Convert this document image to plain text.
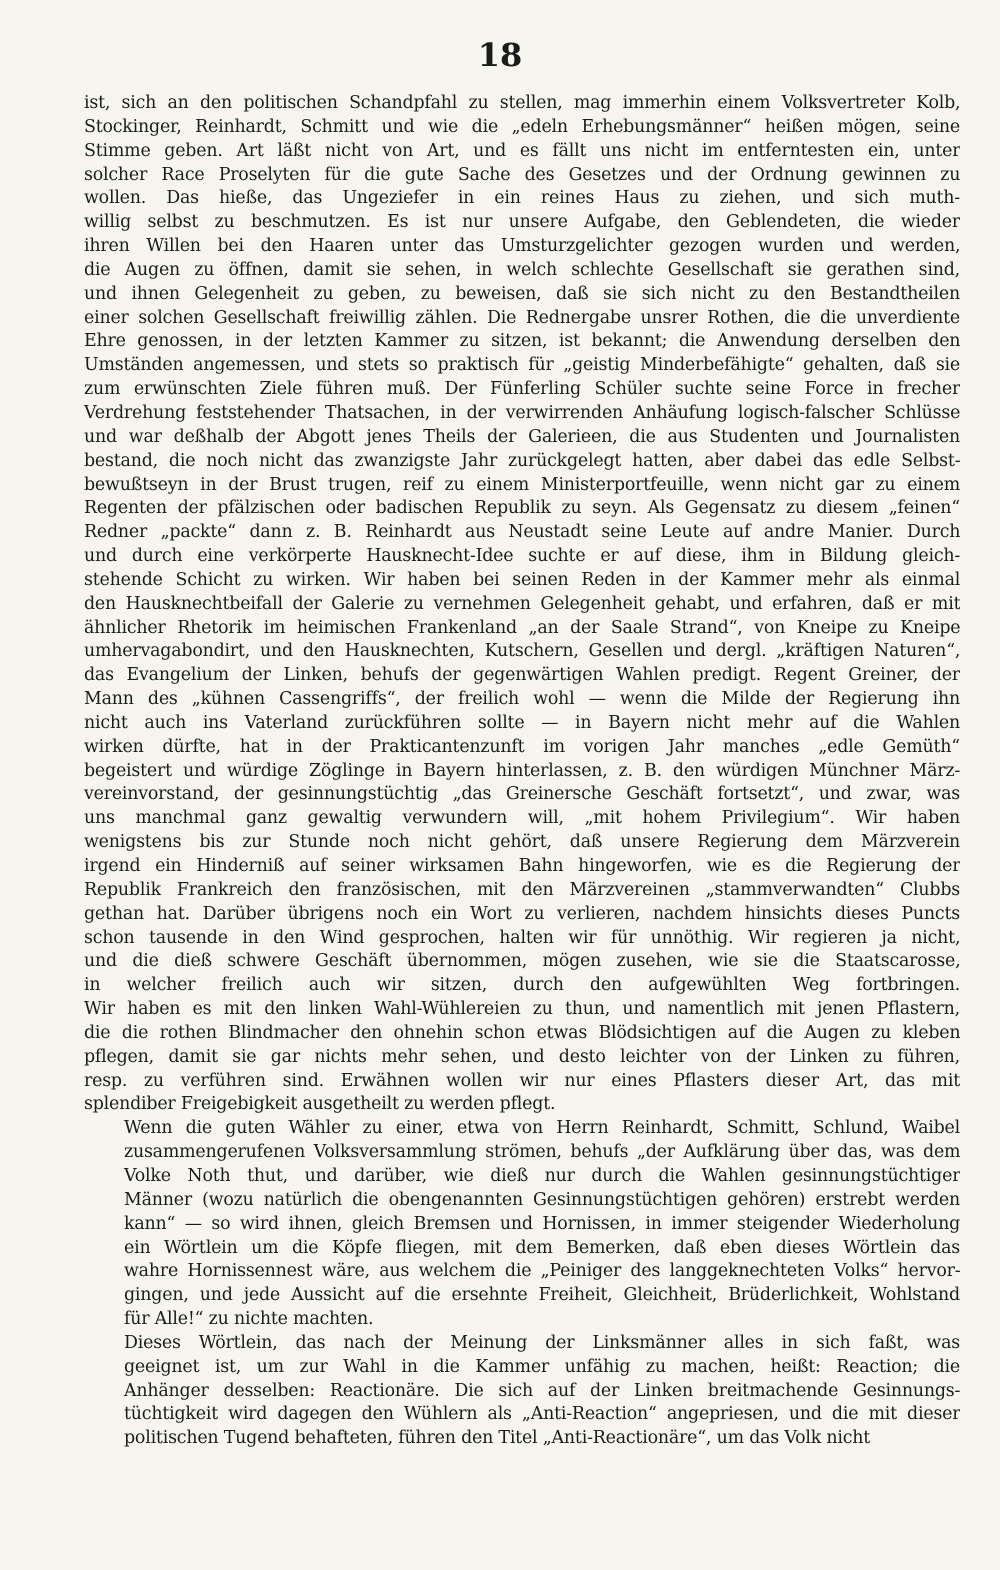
18

ist, sich an den politischen Schandpfahl zu stellen, mag immerhin einem Volksvertreter Kolb,
Stockinger, Reinhardt, Schmitt und wie die „edeln Erhebungsmänner“ heißen mögen, seine
Stimme geben. Art läßt nicht von Art, und es fällt uns nicht im entferntesten ein, unter
solcher Race Proselyten für die gute Sache des Gesetzes und der Ordnung gewinnen zu
wollen. Das hieße, das Ungeziefer in ein reines Haus zu ziehen, und sich muth-
willig selbst zu beschmutzen. Es ist nur unsere Aufgabe, den Geblendeten, die wieder
ihren Willen bei den Haaren unter das Umsturzgelichter gezogen wurden und werden,
die Augen zu öffnen, damit sie sehen, in welch schlechte Gesellschaft sie gerathen sind,
und ihnen Gelegenheit zu geben, zu beweisen, daß sie sich nicht zu den Bestandtheilen
einer solchen Gesellschaft freiwillig zählen. Die Rednergabe unsrer Rothen, die die unverdiente
Ehre genossen, in der letzten Kammer zu sitzen, ist bekannt; die Anwendung derselben den
Umständen angemessen, und stets so praktisch für „geistig Minderbefähigte“ gehalten, daß sie
zum erwünschten Ziele führen muß. Der Fünferling Schüler suchte seine Force in frecher
Verdrehung feststehender Thatsachen, in der verwirrenden Anhäufung logisch-falscher Schlüsse
und war deßhalb der Abgott jenes Theils der Galerieen, die aus Studenten und Journalisten
bestand, die noch nicht das zwanzigste Jahr zurückgelegt hatten, aber dabei das edle Selbst-
bewußtseyn in der Brust trugen, reif zu einem Ministerportfeuille, wenn nicht gar zu einem
Regenten der pfälzischen oder badischen Republik zu seyn. Als Gegensatz zu diesem „feinen“
Redner „packte“ dann z. B. Reinhardt aus Neustadt seine Leute auf andre Manier. Durch
und durch eine verkörperte Hausknecht-Idee suchte er auf diese, ihm in Bildung gleich-
stehende Schicht zu wirken. Wir haben bei seinen Reden in der Kammer mehr als einmal
den Hausknechtbeifall der Galerie zu vernehmen Gelegenheit gehabt, und erfahren, daß er mit
ähnlicher Rhetorik im heimischen Frankenland „an der Saale Strand“, von Kneipe zu Kneipe
umhervagabondirt, und den Hausknechten, Kutschern, Gesellen und dergl. „kräftigen Naturen“,
das Evangelium der Linken, behufs der gegenwärtigen Wahlen predigt. Regent Greiner, der
Mann des „kühnen Cassengriffs“, der freilich wohl — wenn die Milde der Regierung ihn
nicht auch ins Vaterland zurückführen sollte — in Bayern nicht mehr auf die Wahlen
wirken dürfte, hat in der Prakticantenzunft im vorigen Jahr manches „edle Gemüth“
begeistert und würdige Zöglinge in Bayern hinterlassen, z. B. den würdigen Münchner März-
vereinvorstand, der gesinnungstüchtig „das Greinersche Geschäft fortsetzt“, und zwar, was
uns manchmal ganz gewaltig verwundern will, „mit hohem Privilegium“. Wir haben
wenigstens bis zur Stunde noch nicht gehört, daß unsere Regierung dem Märzverein
irgend ein Hinderniß auf seiner wirksamen Bahn hingeworfen, wie es die Regierung der
Republik Frankreich den französischen, mit den Märzvereinen „stammverwandten“ Clubbs
gethan hat. Darüber übrigens noch ein Wort zu verlieren, nachdem hinsichts dieses Puncts
schon tausende in den Wind gesprochen, halten wir für unnöthig. Wir regieren ja nicht,
und die dieß schwere Geschäft übernommen, mögen zusehen, wie sie die Staatscarosse,
in welcher freilich auch wir sitzen, durch den aufgewühlten Weg fortbringen.
Wir haben es mit den linken Wahl-Wühlereien zu thun, und namentlich mit jenen Pflastern,
die die rothen Blindmacher den ohnehin schon etwas Blödsichtigen auf die Augen zu kleben
pflegen, damit sie gar nichts mehr sehen, und desto leichter von der Linken zu führen,
resp. zu verführen sind. Erwähnen wollen wir nur eines Pflasters dieser Art, das mit
splendiber Freigebigkeit ausgetheilt zu werden pflegt.

Wenn die guten Wähler zu einer, etwa von Herrn Reinhardt, Schmitt, Schlund, Waibel
zusammengerufenen Volksversammlung strömen, behufs „der Aufklärung über das, was dem
Volke Noth thut, und darüber, wie dieß nur durch die Wahlen gesinnungstüchtiger
Männer (wozu natürlich die obengenannten Gesinnungstüchtigen gehören) erstrebt werden
kann“ — so wird ihnen, gleich Bremsen und Hornissen, in immer steigender Wiederholung
ein Wörtlein um die Köpfe fliegen, mit dem Bemerken, daß eben dieses Wörtlein das
wahre Hornissennest wäre, aus welchem die „Peiniger des langgeknechteten Volks“ hervor-
gingen, und jede Aussicht auf die ersehnte Freiheit, Gleichheit, Brüderlichkeit, Wohlstand
für Alle!“ zu nichte machten.

Dieses Wörtlein, das nach der Meinung der Linksmänner alles in sich faßt, was
geeignet ist, um zur Wahl in die Kammer unfähig zu machen, heißt: Reaction; die
Anhänger desselben: Reactionäre. Die sich auf der Linken breitmachende Gesinnungs-
tüchtigkeit wird dagegen den Wühlern als „Anti-Reaction“ angepriesen, und die mit dieser
politischen Tugend behafteten, führen den Titel „Anti-Reactionäre“, um das Volk nicht
